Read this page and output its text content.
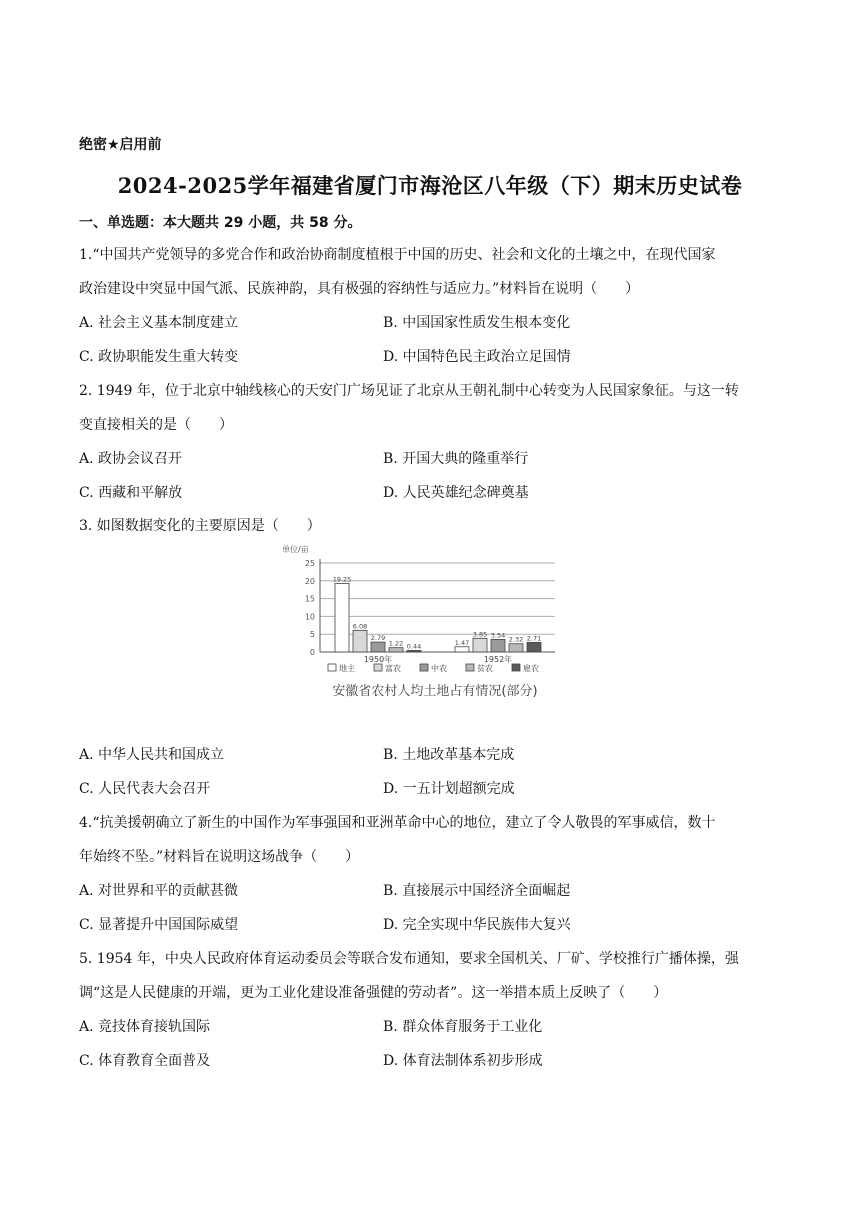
绝密★启用前
2024-2025学年福建省厦门市海沧区八年级（下）期末历史试卷
一、单选题：本大题共 29 小题，共 58 分。
1.“中国共产党领导的多党合作和政治协商制度植根于中国的历史、社会和文化的土壤之中，在现代国家
政治建设中突显中国气派、民族神韵，具有极强的容纳性与适应力。”材料旨在说明（　　）
A. 社会主义基本制度建立	B. 中国国家性质发生根本变化
C. 政协职能发生重大转变	D. 中国特色民主政治立足国情
2. 1949 年，位于北京中轴线核心的天安门广场见证了北京从王朝礼制中心转变为人民国家象征。与这一转
变直接相关的是（　　）
A. 政协会议召开	B. 开国大典的隆重举行
C. 西藏和平解放	D. 人民英雄纪念碑奠基
3. 如图数据变化的主要原因是（　　）
单位/亩
0
5
10
15
20
25
19.25
6.08
2.79
1.22 0.44
1950年
1.47
3.85 3.54
2.32 2.71
1952年
地主	富农	中农	贫农	雇农
安徽省农村人均土地占有情况(部分)
A. 中华人民共和国成立	B. 土地改革基本完成
C. 人民代表大会召开	D. 一五计划超额完成
4.“抗美援朝确立了新生的中国作为军事强国和亚洲革命中心的地位，建立了令人敬畏的军事威信，数十
年始终不坠。”材料旨在说明这场战争（　　）
A. 对世界和平的贡献甚微	B. 直接展示中国经济全面崛起
C. 显著提升中国国际威望	D. 完全实现中华民族伟大复兴
5. 1954 年，中央人民政府体育运动委员会等联合发布通知，要求全国机关、厂矿、学校推行广播体操，强
调“这是人民健康的开端，更为工业化建设准备强健的劳动者”。这一举措本质上反映了（　　）
A. 竞技体育接轨国际	B. 群众体育服务于工业化
C. 体育教育全面普及	D. 体育法制体系初步形成
